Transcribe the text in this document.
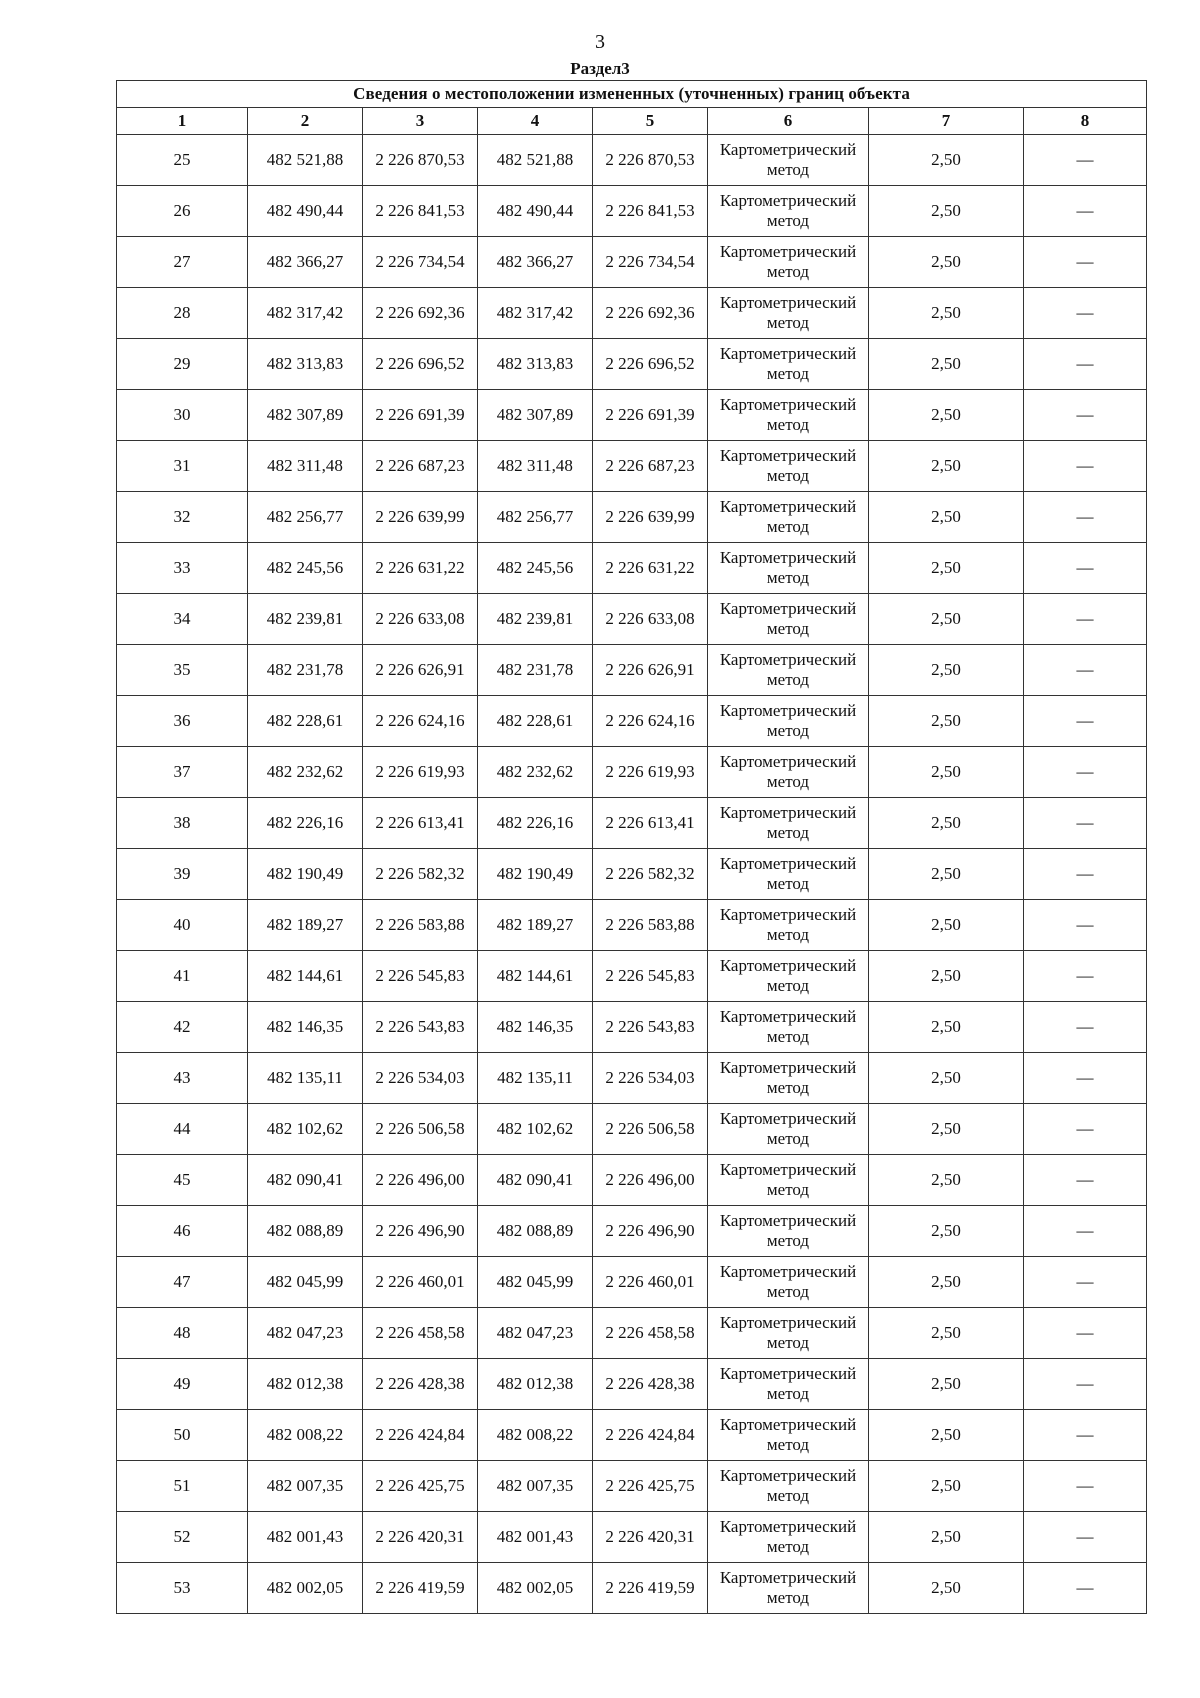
3
Раздел3
Сведения о местоположении измененных (уточненных) границ объекта							
1	2	3	4	5	6	7	8
25	482 521,88	2 226 870,53	482 521,88	2 226 870,53	Картометрический метод	2,50	—
26	482 490,44	2 226 841,53	482 490,44	2 226 841,53	Картометрический метод	2,50	—
27	482 366,27	2 226 734,54	482 366,27	2 226 734,54	Картометрический метод	2,50	—
28	482 317,42	2 226 692,36	482 317,42	2 226 692,36	Картометрический метод	2,50	—
29	482 313,83	2 226 696,52	482 313,83	2 226 696,52	Картометрический метод	2,50	—
30	482 307,89	2 226 691,39	482 307,89	2 226 691,39	Картометрический метод	2,50	—
31	482 311,48	2 226 687,23	482 311,48	2 226 687,23	Картометрический метод	2,50	—
32	482 256,77	2 226 639,99	482 256,77	2 226 639,99	Картометрический метод	2,50	—
33	482 245,56	2 226 631,22	482 245,56	2 226 631,22	Картометрический метод	2,50	—
34	482 239,81	2 226 633,08	482 239,81	2 226 633,08	Картометрический метод	2,50	—
35	482 231,78	2 226 626,91	482 231,78	2 226 626,91	Картометрический метод	2,50	—
36	482 228,61	2 226 624,16	482 228,61	2 226 624,16	Картометрический метод	2,50	—
37	482 232,62	2 226 619,93	482 232,62	2 226 619,93	Картометрический метод	2,50	—
38	482 226,16	2 226 613,41	482 226,16	2 226 613,41	Картометрический метод	2,50	—
39	482 190,49	2 226 582,32	482 190,49	2 226 582,32	Картометрический метод	2,50	—
40	482 189,27	2 226 583,88	482 189,27	2 226 583,88	Картометрический метод	2,50	—
41	482 144,61	2 226 545,83	482 144,61	2 226 545,83	Картометрический метод	2,50	—
42	482 146,35	2 226 543,83	482 146,35	2 226 543,83	Картометрический метод	2,50	—
43	482 135,11	2 226 534,03	482 135,11	2 226 534,03	Картометрический метод	2,50	—
44	482 102,62	2 226 506,58	482 102,62	2 226 506,58	Картометрический метод	2,50	—
45	482 090,41	2 226 496,00	482 090,41	2 226 496,00	Картометрический метод	2,50	—
46	482 088,89	2 226 496,90	482 088,89	2 226 496,90	Картометрический метод	2,50	—
47	482 045,99	2 226 460,01	482 045,99	2 226 460,01	Картометрический метод	2,50	—
48	482 047,23	2 226 458,58	482 047,23	2 226 458,58	Картометрический метод	2,50	—
49	482 012,38	2 226 428,38	482 012,38	2 226 428,38	Картометрический метод	2,50	—
50	482 008,22	2 226 424,84	482 008,22	2 226 424,84	Картометрический метод	2,50	—
51	482 007,35	2 226 425,75	482 007,35	2 226 425,75	Картометрический метод	2,50	—
52	482 001,43	2 226 420,31	482 001,43	2 226 420,31	Картометрический метод	2,50	—
53	482 002,05	2 226 419,59	482 002,05	2 226 419,59	Картометрический метод	2,50	—
